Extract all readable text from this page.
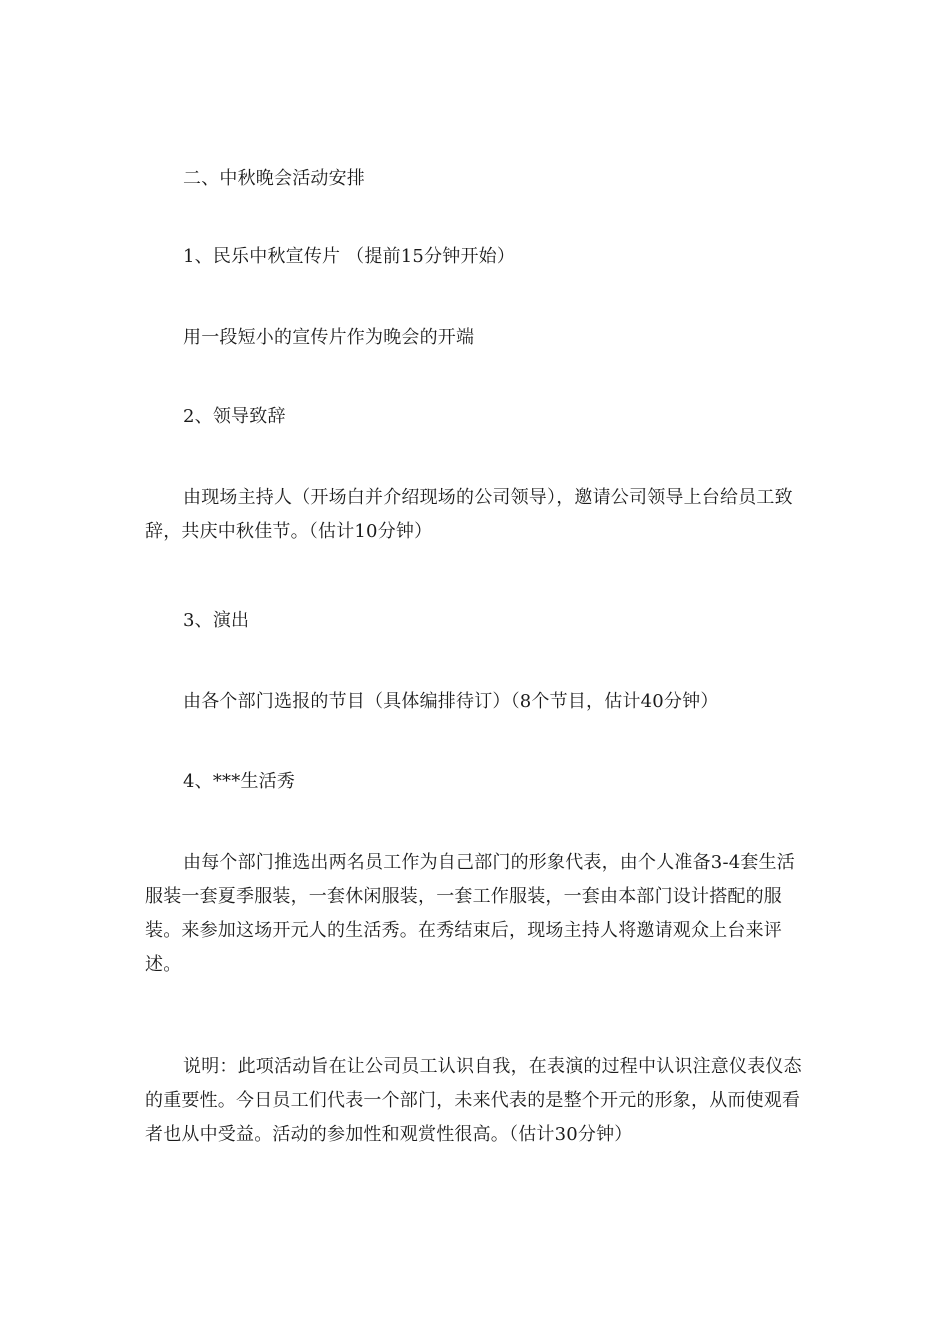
二、中秋晚会活动安排

1、民乐中秋宣传片 （提前15分钟开始）

用一段短小的宣传片作为晚会的开端

2、领导致辞

由现场主持人（开场白并介绍现场的公司领导），邀请公司领导上台给员工致辞，共庆中秋佳节。（估计10分钟）

3、演出

由各个部门选报的节目（具体编排待订）（8个节目，估计40分钟）

4、***生活秀

由每个部门推选出两名员工作为自己部门的形象代表，由个人准备3-4套生活服装一套夏季服装，一套休闲服装，一套工作服装，一套由本部门设计搭配的服装。来参加这场开元人的生活秀。在秀结束后，现场主持人将邀请观众上台来评述。

说明：此项活动旨在让公司员工认识自我，在表演的过程中认识注意仪表仪态的重要性。今日员工们代表一个部门，未来代表的是整个开元的形象，从而使观看者也从中受益。活动的参加性和观赏性很高。（估计30分钟）
